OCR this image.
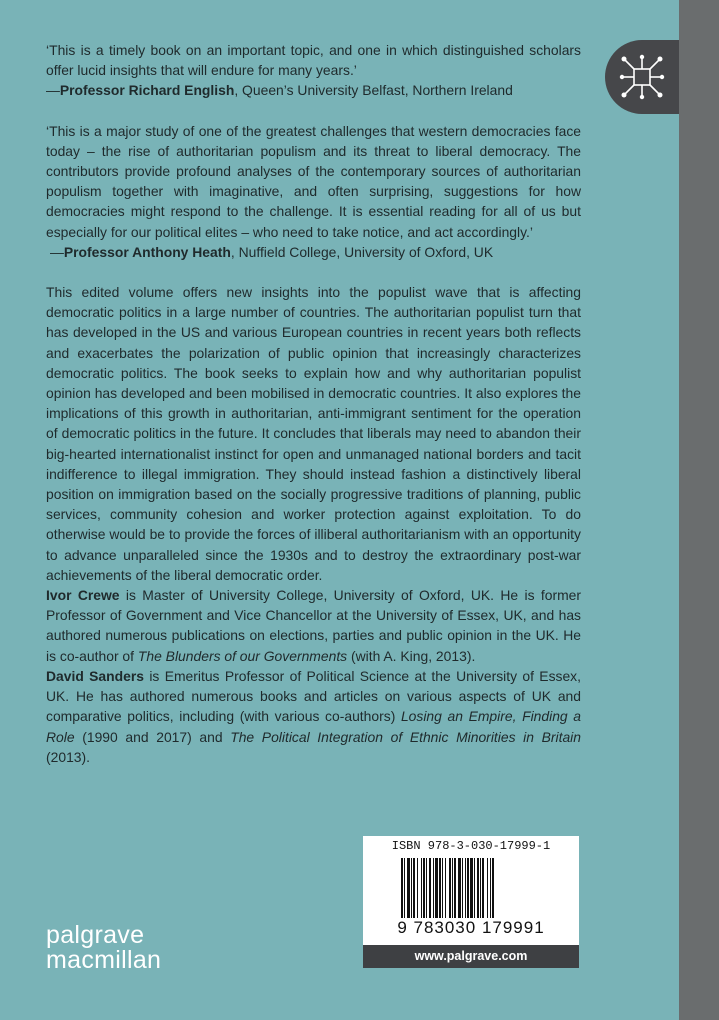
‘This is a timely book on an important topic, and one in which distinguished scholars offer lucid insights that will endure for many years.’

—Professor Richard English, Queen’s University Belfast, Northern Ireland

‘This is a major study of one of the greatest challenges that western democracies face today – the rise of authoritarian populism and its threat to liberal democracy. The contributors provide profound analyses of the contemporary sources of authoritarian populism together with imaginative, and often surprising, suggestions for how democracies might respond to the challenge. It is essential reading for all of us but especially for our political elites – who need to take notice, and act accordingly.’

—Professor Anthony Heath, Nuffield College, University of Oxford, UK

This edited volume offers new insights into the populist wave that is affecting democratic politics in a large number of countries. The authoritarian populist turn that has developed in the US and various European countries in recent years both reflects and exacerbates the polarization of public opinion that increasingly characterizes democratic politics. The book seeks to explain how and why authoritarian populist opinion has developed and been mobilised in democratic countries. It also explores the implications of this growth in authoritarian, anti-immigrant sentiment for the operation of democratic politics in the future. It concludes that liberals may need to abandon their big-hearted internationalist instinct for open and unmanaged national borders and tacit indifference to illegal immigration. They should instead fashion a distinctively liberal position on immigration based on the socially progressive traditions of planning, public services, community cohesion and worker protection against exploitation. To do otherwise would be to provide the forces of illiberal authoritarianism with an opportunity to advance unparalleled since the 1930s and to destroy the extraordinary post-war achievements of the liberal democratic order.

Ivor Crewe is Master of University College, University of Oxford, UK. He is former Professor of Government and Vice Chancellor at the University of Essex, UK, and has authored numerous publications on elections, parties and public opinion in the UK. He is co-author of The Blunders of our Governments (with A. King, 2013).

David Sanders is Emeritus Professor of Political Science at the University of Essex, UK. He has authored numerous books and articles on various aspects of UK and comparative politics, including (with various co-authors) Losing an Empire, Finding a Role (1990 and 2017) and The Political Integration of Ethnic Minorities in Britain (2013).

ISBN 978-3-030-17999-1
9 783030 179991
www.palgrave.com
palgrave
macmillan
